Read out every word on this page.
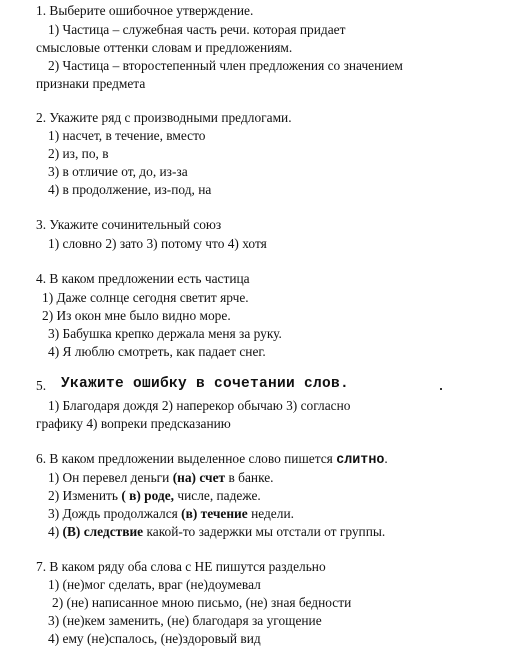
1. Выберите ошибочное утверждение.
1) Частица – служебная часть речи. которая придает
смысловые оттенки словам и предложениям.
2) Частица – второстепенный член предложения со значением
признаки предмета
2. Укажите ряд с производными предлогами.
1) насчет, в течение, вместо
2) из, по, в
3) в отличие от, до, из-за
4) в продолжение, из-под, на
3. Укажите сочинительный союз
1) словно 2) зато 3) потому что 4) хотя
4. В каком предложении есть частица
1) Даже солнце сегодня светит ярче.
2) Из окон мне было видно море.
3) Бабушка крепко держала меня за руку.
4) Я люблю смотреть, как падает снег.
5. Укажите ошибку в сочетании слов.
1) Благодаря дождя 2) наперекор обычаю 3) согласно
графику 4) вопреки предсказанию
6. В каком предложении выделенное слово пишется слитно.
1) Он перевел деньги (на) счет в банке.
2) Изменить ( в) роде, числе, падеже.
3) Дождь продолжался (в) течение недели.
4) (В) следствие какой-то задержки мы отстали от группы.
7. В каком ряду оба слова с НЕ пишутся раздельно
1) (не)мог сделать, враг (не)доумевал
2) (не) написанное мною письмо, (не) зная бедности
3) (не)кем заменить, (не) благодаря за угощение
4) ему (не)спалось, (не)здоровый вид
